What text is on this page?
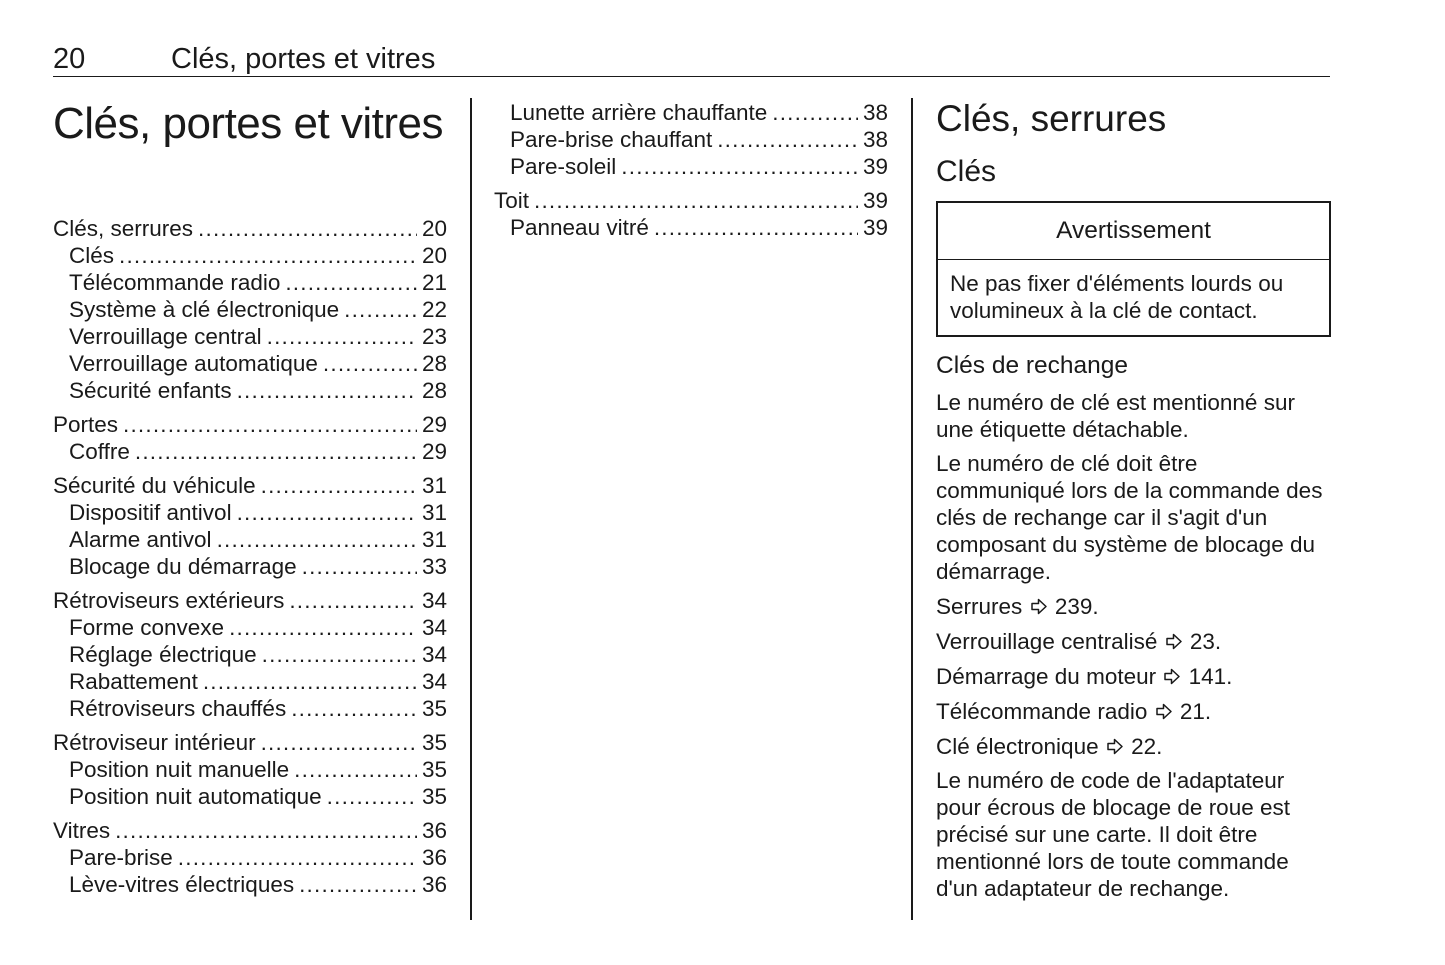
20	Clés, portes et vitres
Clés, portes et vitres
Clés, serrures .....	20
Clés .....	20
Télécommande radio .....	21
Système à clé électronique .....	22
Verrouillage central .....	23
Verrouillage automatique .....	28
Sécurité enfants .....	28
Portes .....	29
Coffre .....	29
Sécurité du véhicule .....	31
Dispositif antivol .....	31
Alarme antivol .....	31
Blocage du démarrage .....	33
Rétroviseurs extérieurs .....	34
Forme convexe .....	34
Réglage électrique .....	34
Rabattement .....	34
Rétroviseurs chauffés .....	35
Rétroviseur intérieur .....	35
Position nuit manuelle .....	35
Position nuit automatique .....	35
Vitres .....	36
Pare-brise .....	36
Lève-vitres électriques .....	36
Lunette arrière chauffante .....	38
Pare-brise chauffant .....	38
Pare-soleil .....	39
Toit .....	39
Panneau vitré .....	39
Clés, serrures
Clés
Avertissement
Ne pas fixer d'éléments lourds ou volumineux à la clé de contact.
Clés de rechange

Le numéro de clé est mentionné sur une étiquette détachable.

Le numéro de clé doit être communiqué lors de la commande des clés de rechange car il s'agit d'un composant du système de blocage du démarrage.

Serrures 239.

Verrouillage centralisé 23.

Démarrage du moteur 141.

Télécommande radio 21.

Clé électronique 22.

Le numéro de code de l'adaptateur pour écrous de blocage de roue est précisé sur une carte. Il doit être mentionné lors de toute commande d'un adaptateur de rechange.
